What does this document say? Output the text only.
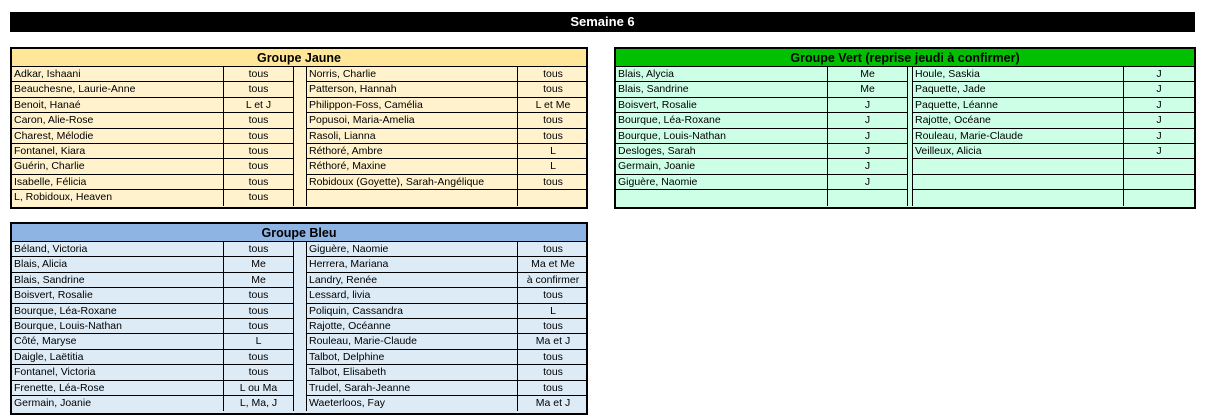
Semaine 6
Groupe Jaune
Adkar, Ishaani	tous
Beauchesne, Laurie-Anne	tous
Benoit, Hanaé	L et J
Caron, Alie-Rose	tous
Charest, Mélodie	tous
Fontanel, Kiara	tous
Guérin, Charlie	tous
Isabelle, Félicia	tous
L, Robidoux, Heaven	tous
Norris, Charlie	tous
Patterson, Hannah	tous
Philippon-Foss, Camélia	L et Me
Popusoi, Maria-Amelia	tous
Rasoli, Lianna	tous
Réthoré, Ambre	L
Réthoré, Maxine	L
Robidoux (Goyette), Sarah-Angélique	tous
Groupe Vert (reprise jeudi à confirmer)
Blais, Alycia	Me
Blais, Sandrine	Me
Boisvert, Rosalie	J
Bourque, Léa-Roxane	J
Bourque, Louis-Nathan	J
Desloges, Sarah	J
Germain, Joanie	J
Giguère, Naomie	J
Houle, Saskia	J
Paquette, Jade	J
Paquette, Léanne	J
Rajotte, Océane	J
Rouleau, Marie-Claude	J
Veilleux, Alicia	J
Groupe Bleu
Béland, Victoria	tous
Blais, Alicia	Me
Blais, Sandrine	Me
Boisvert, Rosalie	tous
Bourque, Léa-Roxane	tous
Bourque, Louis-Nathan	tous
Côté, Maryse	L
Daigle, Laëtitia	tous
Fontanel, Victoria	tous
Frenette, Léa-Rose	L ou Ma
Germain, Joanie	L, Ma, J
Giguère, Naomie	tous
Herrera, Mariana	Ma et Me
Landry, Renée	à confirmer
Lessard, livia	tous
Poliquin, Cassandra	L
Rajotte, Océanne	tous
Rouleau, Marie-Claude	Ma et J
Talbot, Delphine	tous
Talbot, Elisabeth	tous
Trudel, Sarah-Jeanne	tous
Waeterloos, Fay	Ma et J
